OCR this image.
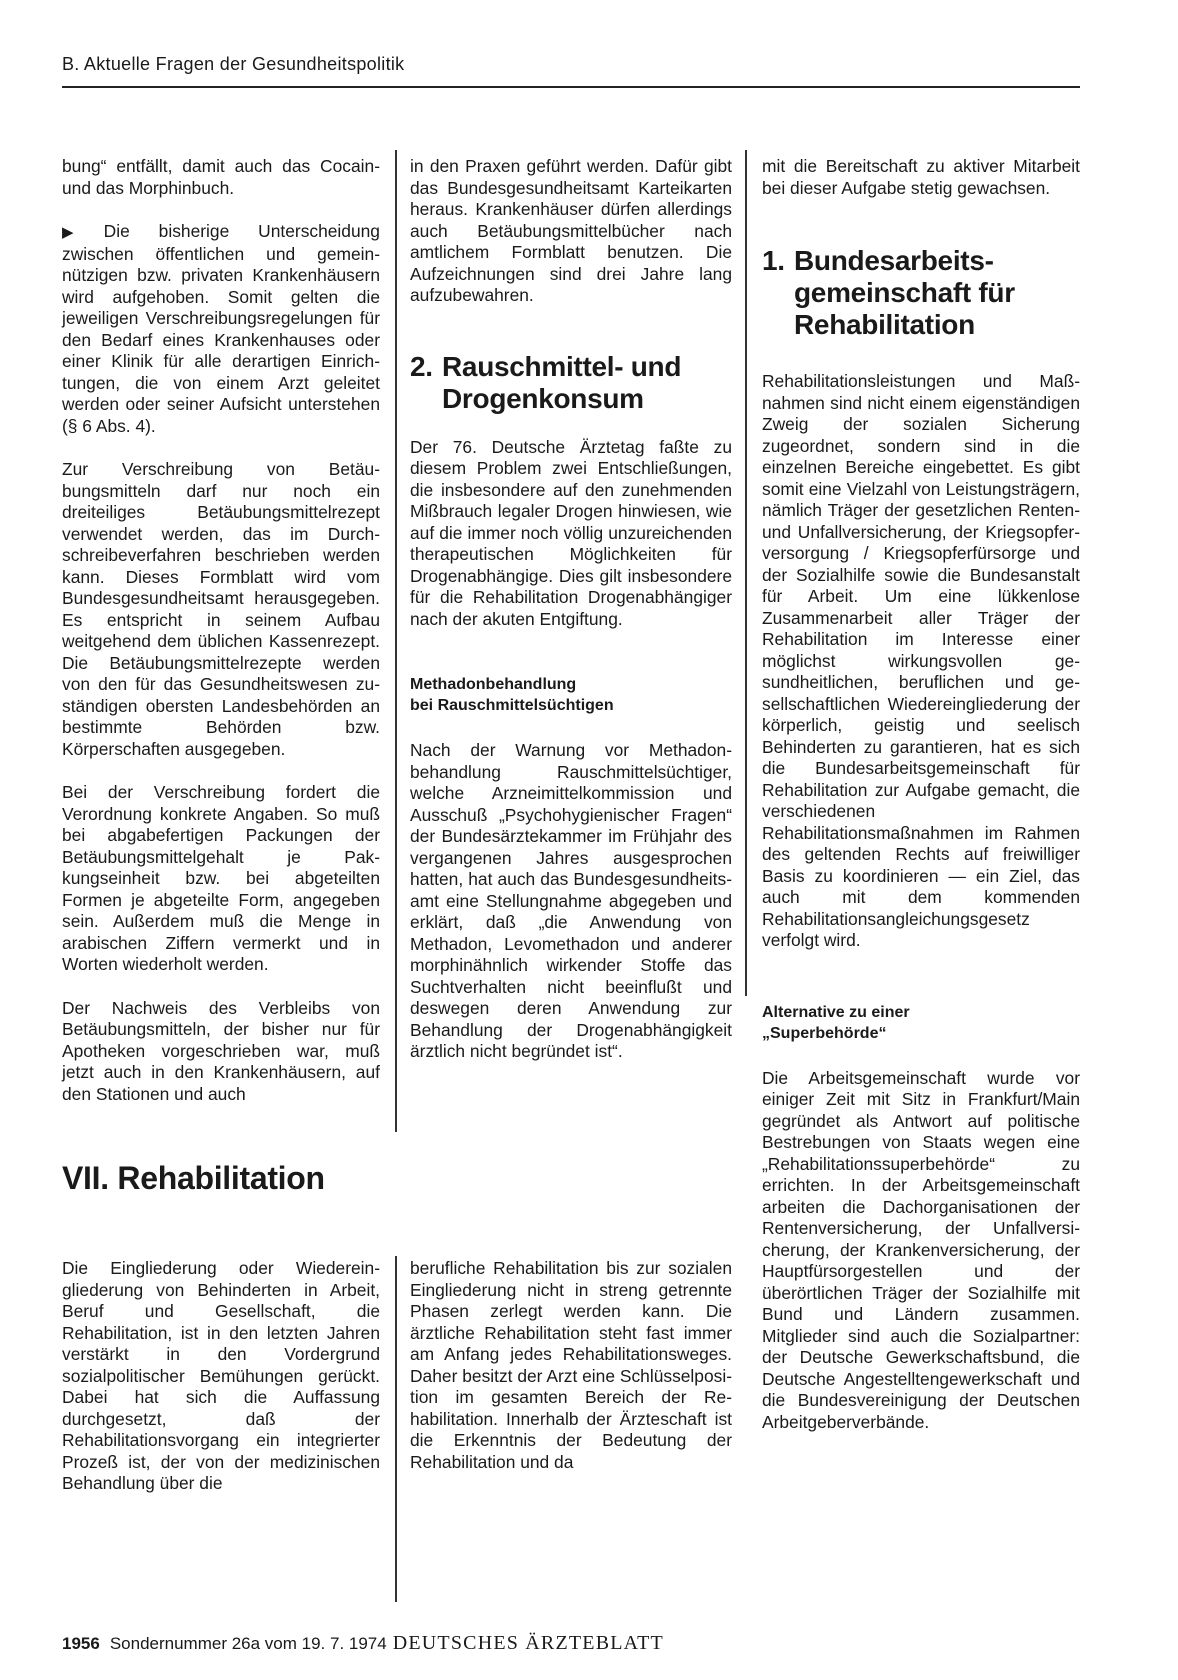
B. Aktuelle Fragen der Gesundheitspolitik

bung“ entfällt, damit auch das Cocain- und das Morphinbuch.

▶ Die bisherige Unterscheidung zwischen öffentlichen und gemeinnützigen bzw. privaten Krankenhäusern wird aufgehoben. Somit gelten die jeweiligen Verschreibungsregelungen für den Bedarf eines Krankenhauses oder einer Klinik für alle derartigen Einrichtungen, die von einem Arzt geleitet werden oder seiner Aufsicht unterstehen (§ 6 Abs. 4).

Zur Verschreibung von Betäubungsmitteln darf nur noch ein dreiteiliges Betäubungsmittelrezept verwendet werden, das im Durchschreibeverfahren beschrieben werden kann. Dieses Formblatt wird vom Bundesgesundheitsamt herausgegeben. Es entspricht in seinem Aufbau weitgehend dem üblichen Kassenrezept. Die Betäubungsmittelrezepte werden von den für das Gesundheitswesen zuständigen obersten Landesbehörden an bestimmte Behörden bzw. Körperschaften ausgegeben.

Bei der Verschreibung fordert die Verordnung konkrete Angaben. So muß bei abgabefertigen Packungen der Betäubungsmittelgehalt je Pakkungseinheit bzw. bei abgeteilten Formen je abgeteilte Form, angegeben sein. Außerdem muß die Menge in arabischen Ziffern vermerkt und in Worten wiederholt werden.

Der Nachweis des Verbleibs von Betäubungsmitteln, der bisher nur für Apotheken vorgeschrieben war, muß jetzt auch in den Krankenhäusern, auf den Stationen und auch

in den Praxen geführt werden. Dafür gibt das Bundesgesundheitsamt Karteikarten heraus. Krankenhäuser dürfen allerdings auch Betäubungsmittelbücher nach amtlichem Formblatt benutzen. Die Aufzeichnungen sind drei Jahre lang aufzubewahren.

2. Rauschmittel- und
Drogenkonsum

Der 76. Deutsche Ärztetag faßte zu diesem Problem zwei Entschließungen, die insbesondere auf den zunehmenden Mißbrauch legaler Drogen hinwiesen, wie auf die immer noch völlig unzureichenden therapeutischen Möglichkeiten für Drogenabhängige. Dies gilt insbesondere für die Rehabilitation Drogenabhängiger nach der akuten Entgiftung.

Methadonbehandlung
bei Rauschmittelsüchtigen

Nach der Warnung vor Methadonbehandlung Rauschmittelsüchtiger, welche Arzneimittelkommission und Ausschuß „Psychohygienischer Fragen“ der Bundesärztekammer im Frühjahr des vergangenen Jahres ausgesprochen hatten, hat auch das Bundesgesundheitsamt eine Stellungnahme abgegeben und erklärt, daß „die Anwendung von Methadon, Levomethadon und anderer morphinähnlich wirkender Stoffe das Suchtverhalten nicht beeinflußt und deswegen deren Anwendung zur Behandlung der Drogenabhängigkeit ärztlich nicht begründet ist“.

mit die Bereitschaft zu aktiver Mitarbeit bei dieser Aufgabe stetig gewachsen.

1. Bundesarbeits-
gemeinschaft für
Rehabilitation

Rehabilitationsleistungen und Maßnahmen sind nicht einem eigenständigen Zweig der sozialen Sicherung zugeordnet, sondern sind in die einzelnen Bereiche eingebettet. Es gibt somit eine Vielzahl von Leistungsträgern, nämlich Träger der gesetzlichen Renten- und Unfallversicherung, der Kriegsopferversorgung / Kriegsopferfürsorge und der Sozialhilfe sowie die Bundesanstalt für Arbeit. Um eine lükkenlose Zusammenarbeit aller Träger der Rehabilitation im Interesse einer möglichst wirkungsvollen gesundheitlichen, beruflichen und gesellschaftlichen Wiedereingliederung der körperlich, geistig und seelisch Behinderten zu garantieren, hat es sich die Bundesarbeitsgemeinschaft für Rehabilitation zur Aufgabe gemacht, die verschiedenen Rehabilitationsmaßnahmen im Rahmen des geltenden Rechts auf freiwilliger Basis zu koordinieren — ein Ziel, das auch mit dem kommenden Rehabilitationsangleichungsgesetz verfolgt wird.

Alternative zu einer
„Superbehörde“

Die Arbeitsgemeinschaft wurde vor einiger Zeit mit Sitz in Frankfurt/Main gegründet als Antwort auf politische Bestrebungen von Staats wegen eine „Rehabilitationssuperbehörde“ zu errichten. In der Arbeitsgemeinschaft arbeiten die Dachorganisationen der Rentenversicherung, der Unfallversicherung, der Krankenversicherung, der Hauptfürsorgestellen und der überörtlichen Träger der Sozialhilfe mit Bund und Ländern zusammen. Mitglieder sind auch die Sozialpartner: der Deutsche Gewerkschaftsbund, die Deutsche Angestelltengewerkschaft und die Bundesvereinigung der Deutschen Arbeitgeberverbände.

VII. Rehabilitation

Die Eingliederung oder Wiedereingliederung von Behinderten in Arbeit, Beruf und Gesellschaft, die Rehabilitation, ist in den letzten Jahren verstärkt in den Vordergrund sozialpolitischer Bemühungen gerückt. Dabei hat sich die Auffassung durchgesetzt, daß der Rehabilitationsvorgang ein integrierter Prozeß ist, der von der medizinischen Behandlung über die

berufliche Rehabilitation bis zur sozialen Eingliederung nicht in streng getrennte Phasen zerlegt werden kann. Die ärztliche Rehabilitation steht fast immer am Anfang jedes Rehabilitationsweges. Daher besitzt der Arzt eine Schlüsselposition im gesamten Bereich der Rehabilitation. Innerhalb der Ärzteschaft ist die Erkenntnis der Bedeutung der Rehabilitation und da

1956 Sondernummer 26a vom 19. 7. 1974 DEUTSCHES ÄRZTEBLATT
